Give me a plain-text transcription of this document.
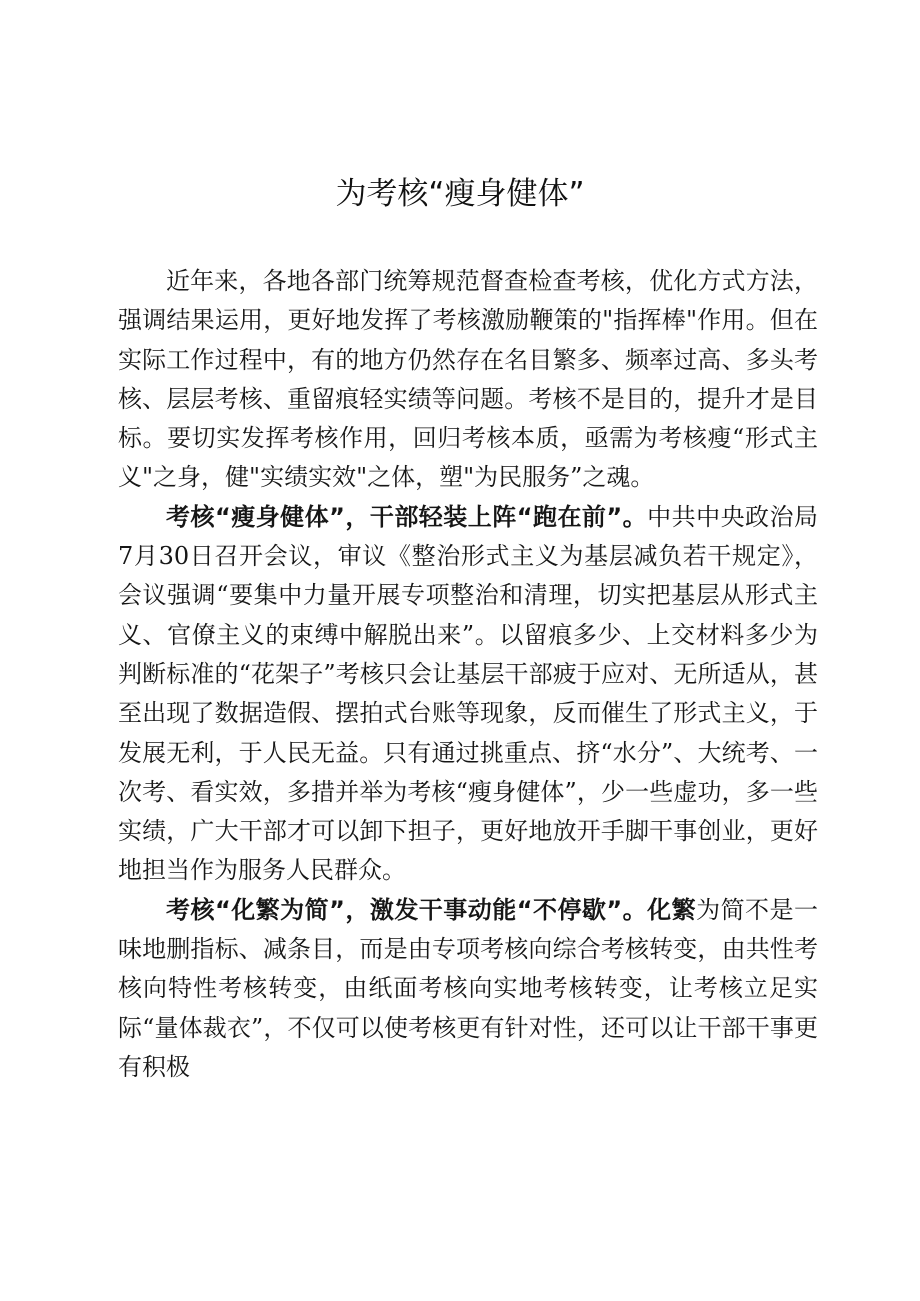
为考核“瘦身健体”

近年来，各地各部门统筹规范督查检查考核，优化方式方法，强调结果运用，更好地发挥了考核激励鞭策的"指挥棒"作用。但在实际工作过程中，有的地方仍然存在名目繁多、频率过高、多头考核、层层考核、重留痕轻实绩等问题。考核不是目的，提升才是目标。要切实发挥考核作用，回归考核本质，亟需为考核瘦“形式主义"之身，健"实绩实效"之体，塑"为民服务”之魂。

考核“瘦身健体”，干部轻装上阵“跑在前”。中共中央政治局7月30日召开会议，审议《整治形式主义为基层减负若干规定》，会议强调“要集中力量开展专项整治和清理，切实把基层从形式主义、官僚主义的束缚中解脱出来”。以留痕多少、上交材料多少为判断标准的“花架子”考核只会让基层干部疲于应对、无所适从，甚至出现了数据造假、摆拍式台账等现象，反而催生了形式主义，于发展无利，于人民无益。只有通过挑重点、挤“水分”、大统考、一次考、看实效，多措并举为考核“瘦身健体”，少一些虚功，多一些实绩，广大干部才可以卸下担子，更好地放开手脚干事创业，更好地担当作为服务人民群众。

考核“化繁为简”，激发干事动能“不停歇”。化繁为简不是一味地删指标、减条目，而是由专项考核向综合考核转变，由共性考核向特性考核转变，由纸面考核向实地考核转变，让考核立足实际“量体裁衣”，不仅可以使考核更有针对性，还可以让干部干事更有积极
